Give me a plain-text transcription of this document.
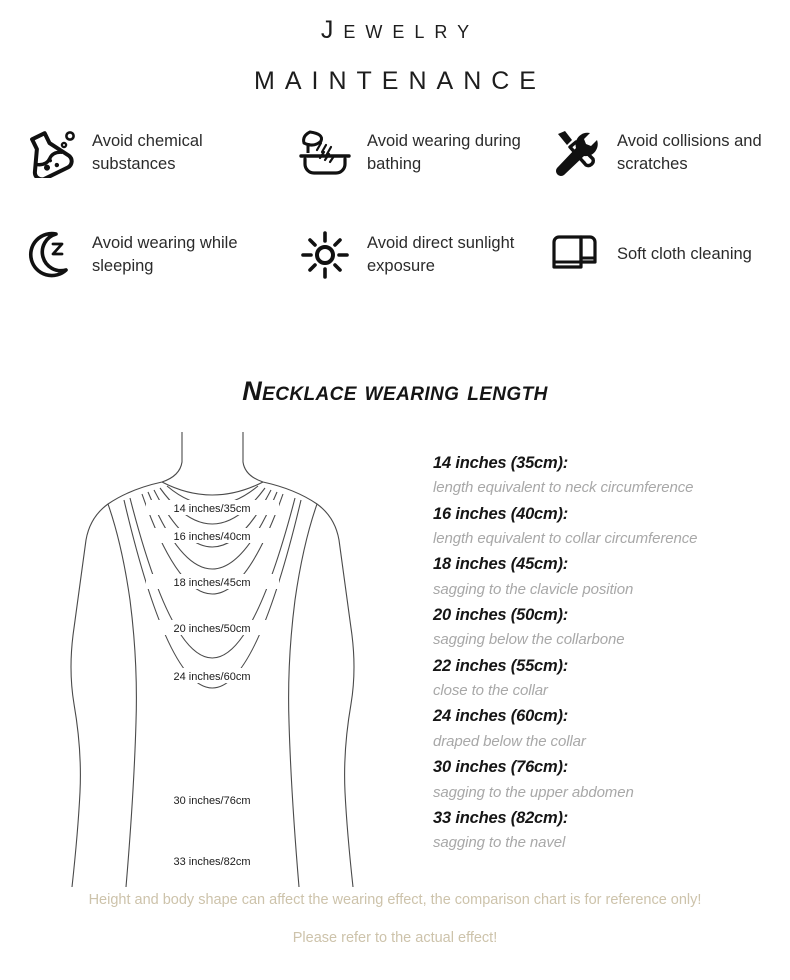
Jewelry
MAINTENANCE
Avoid chemical substances
Avoid wearing during bathing
Avoid collisions and scratches
Avoid wearing while sleeping
Avoid direct sunlight exposure
Soft cloth cleaning
Necklace wearing length
14 inches/35cm
16 inches/40cm
18 inches/45cm
20 inches/50cm
24 inches/60cm
30 inches/76cm
33 inches/82cm
14 inches (35cm):
length equivalent to neck circumference
16 inches (40cm):
length equivalent to collar circumference
18 inches (45cm):
sagging to the clavicle position
20 inches (50cm):
sagging below the collarbone
22 inches (55cm):
close to the collar
24 inches (60cm):
draped below the collar
30 inches (76cm):
sagging to the upper abdomen
33 inches (82cm):
sagging to the navel
Height and body shape can affect the wearing effect, the comparison chart is for reference only!
Please refer to the actual effect!
